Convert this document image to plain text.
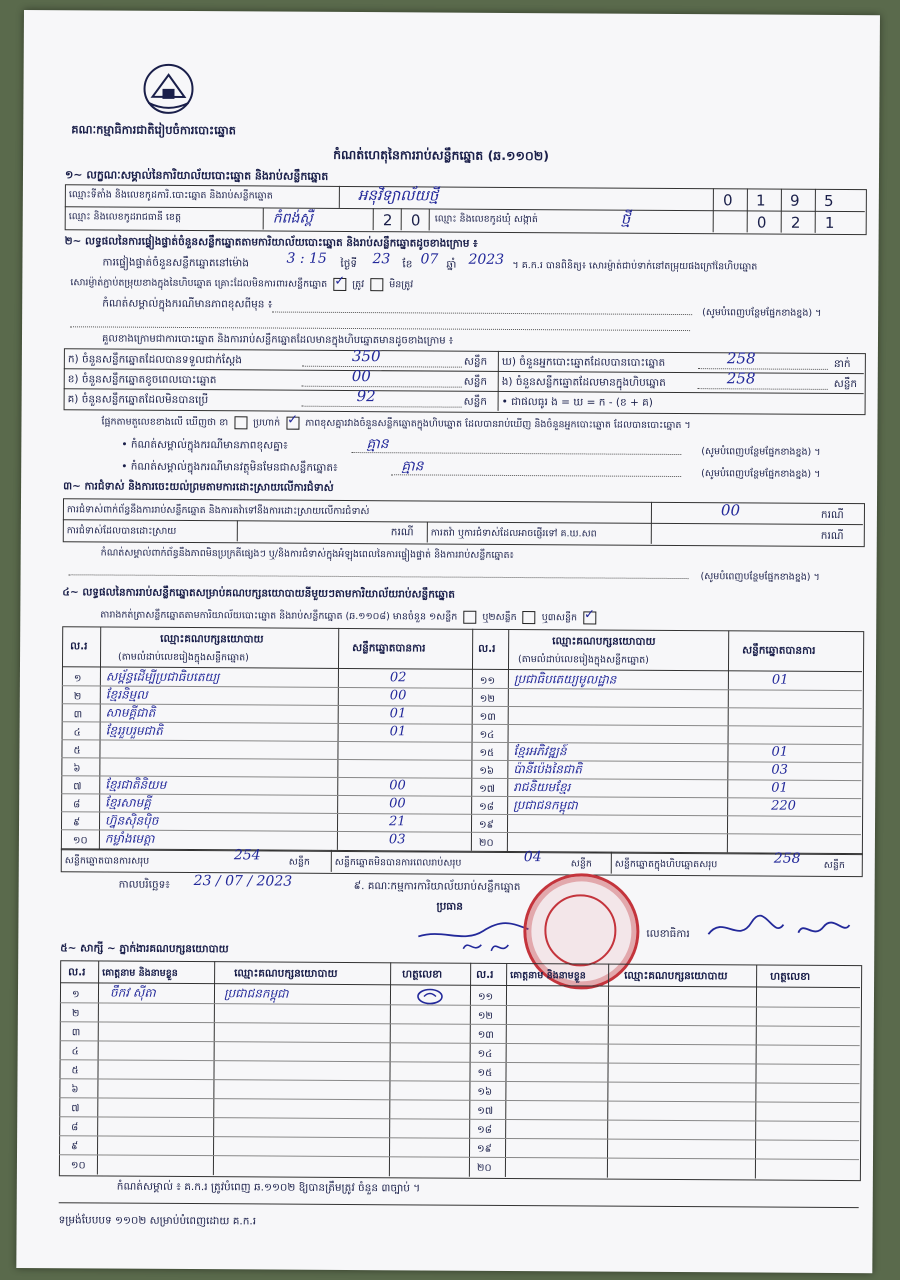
គណៈកម្មាធិការជាតិរៀបចំការបោះឆ្នោត
កំណត់ហេតុនៃការរាប់សន្លឹកឆ្នោត (ឆ.១១០២)
១~ លក្ខណៈសម្គាល់នៃការិយាល័យបោះឆ្នោត និងរាប់សន្លឹកឆ្នោត
ឈ្មោះទីតាំង និងលេខកូដការិ.បោះឆ្នោត និងរាប់សន្លឹកឆ្នោត	អនុវិទ្យាល័យថ្មី	0	1	9	5
ឈ្មោះ និងលេខកូដរាជធានី ខេត្ត	កំពង់ស្ពឺ	2	0	ឈ្មោះ និងលេខកូដឃុំ សង្កាត់	ថ្មី	0	2	1
២~ លទ្ធផលនៃការផ្ទៀងផ្ទាត់ចំនួនសន្លឹកឆ្នោតតាមការិយាល័យបោះឆ្នោត និងរាប់សន្លឹកឆ្នោតដូចខាងក្រោម ៖
ការផ្ទៀងផ្ទាត់ចំនួនសន្លឹកឆ្នោតនៅម៉ោង	3 : 15 ថ្ងៃទី 23 ខែ 07 ឆ្នាំ 2023 ។ គ.ក.រ បានពិនិត្យ៖ សោរម្ញ៉ាត់ជាប់ទាក់នៅតម្រុយផងក្រៅនៃហិបឆ្នោត
សោរម្ញ៉ាត់ភ្ជាប់តម្រុយខាងក្នុងនៃហិបឆ្នោត គ្រោះដែលមិនការពារសន្លឹកឆ្នោត ✓	ត្រូវ	មិនត្រូវ
កំណត់សម្គាល់ក្នុងករណីមានភាពខុសពីមុន ៖
(សូមបំពេញបន្ថែមផ្នែកខាងខ្នង) ។
គួលខាងក្រោមជាការបោះឆ្នោត និងការរាប់សន្លឹកឆ្នោតដែលមានក្នុងហិបឆ្នោតមានដូចខាងក្រោម ៖
ក) ចំនួនសន្លឹកឆ្នោតដែលបានទទួលជាក់ស្តែង	350	សន្លឹក
ខ) ចំនួនសន្លឹកឆ្នោតខូចពេលបោះឆ្នោត	00	សន្លឹក
គ) ចំនួនសន្លឹកឆ្នោតដែលមិនបានប្រើ	92	សន្លឹក
ឃ) ចំនួនអ្នកបោះឆ្នោតដែលបានបោះឆ្នោត	258	នាក់
ង) ចំនួនសន្លឹកឆ្នោតដែលមានក្នុងហិបឆ្នោត	258	សន្លឹក
• ជាផលធូរ ង = ឃ = ក - (ខ + គ)
ផ្អែកតាមតួលេខខាងលើ ឃើញថា ខា	ប្រហាក់ ✓	ភាពខុសគ្នារវាងចំនួនសន្លឹកឆ្នោតក្នុងហិបឆ្នោត ដែលបានរាប់ឃើញ និងចំនួនអ្នកបោះឆ្នោត ដែលបានបោះឆ្នោត ។
• កំណត់សម្គាល់ក្នុងករណីមានភាពខុសគ្នា៖	គ្មាន	(សូមបំពេញបន្ថែមផ្នែកខាងខ្នង) ។
• កំណត់សម្គាល់ក្នុងករណីមានវត្ថុមិនមែនជាសន្លឹកឆ្នោត៖	គ្មាន	(សូមបំពេញបន្ថែមផ្នែកខាងខ្នង) ។
៣~ ការជំទាស់ និងការចេះយល់ព្រមតាមការដោះស្រាយលើការជំទាស់
ការជំទាស់ពាក់ព័ន្ធនឹងការរាប់សន្លឹកឆ្នោត និងការតវ៉ាទៅនឹងការដោះស្រាយលើការជំទាស់	00	ករណី
ការជំទាស់ដែលបានដោះស្រាយ	ករណី ការតវ៉ា ឬការជំទាស់ដែលអាចផ្ញើរទៅ គ.ឃ.សព	ករណី
កំណត់សម្គាល់ពាក់ព័ន្ធនឹងភាពមិនប្រក្រតីផ្សេងៗ ឬ/និងការជំទាស់ក្នុងអំឡុងពេលនៃការផ្ទៀងផ្ទាត់ និងការរាប់សន្លឹកឆ្នោត៖
(សូមបំពេញបន្ថែមផ្នែកខាងខ្នង) ។
៤~ លទ្ធផលនៃការរាប់សន្លឹកឆ្នោតសម្រាប់គណបក្សនយោបាយនីមួយៗតាមការិយាល័យរាប់សន្លឹកឆ្នោត
តារាងកត់ត្រាសន្លឹកឆ្នោតតាមការិយាល័យបោះឆ្នោត និងរាប់សន្លឹកឆ្នោត (ឆ.១១០៨) មានចំនួន ១សន្លឹក	ឬ២សន្លឹក	ឬ៣សន្លឹក ✓
ល.រ
ឈ្មោះគណបក្សនយោបាយ
(តាមលំដាប់លេខរៀងក្នុងសន្លឹកឆ្នោត)
សន្លឹកឆ្នោតបានការ	ល.រ
ឈ្មោះគណបក្សនយោបាយ
(តាមលំដាប់លេខរៀងក្នុងសន្លឹកឆ្នោត)
សន្លឹកឆ្នោតបានការ
១ សម្ព័ន្ធដើម្បីប្រជាធិបតេយ្យ	02	១១ ប្រជាធិបតេយ្យមូលដ្ឋាន	01
២ ខ្មែរនិម្មល	00	១២
៣ សាមគ្គីជាតិ	01	១៣
៤ ខ្មែររួបរួមជាតិ	01	១៤
៥	១៥ ខ្មែរអភិវឌ្ឍន៍	01
៦	១៦ ប៉ានីប៉េងនៃជាតិ	03
៧ ខ្មែរជាតិនិយម	00	១៧ រាជនិយមខ្មែរ	01
៨ ខ្មែរសាមគ្គី	00	១៨ ប្រជាជនកម្ពុជា	220
៩ ហ្វ៊ុនស៊ិនប៉ិច	21	១៩
១០ កម្លាំងមេត្តា	03	២០
សន្លឹកឆ្នោតបានការសរុប	254	សន្លឹក	សន្លឹកឆ្នោតមិនបានការពេលរាប់សរុប	04	សន្លឹក សន្លឹកឆ្នោតក្នុងហិបឆ្នោតសរុប	258 សន្លឹក
កាលបរិច្ឆេទ៖ 23 / 07 / 2023	៩. គណៈកម្មការការិយាល័យរាប់សន្លឹកឆ្នោត
ប្រធាន
លេខាធិការ
៥~ សាក្សី ~ ភ្នាក់ងារគណបក្សនយោបាយ
ល.រ គោត្តនាម និងនាមខ្លួន	ឈ្មោះគណបក្សនយោបាយ	ហត្ថលេខា	ល.រ គោត្តនាម និងនាមខ្លួន	ឈ្មោះគណបក្សនយោបាយ	ហត្ថលេខា
១	ចឹកវ សុីតា	ប្រជាជនកម្ពុជា	១១
២	១២
៣	១៣
៤	១៤
៥	១៥
៦	១៦
៧	១៧
៨	១៨
៩	១៩
១០	២០
កំណត់សម្គាល់ ៖ គ.ក.រ ត្រូវបំពេញ ឆ.១១០២ ឱ្យបានត្រឹមត្រូវ ចំនួន ៣ច្បាប់ ។
ទម្រង់បែបបទ ១១០២ សម្រាប់បំពេញដោយ គ.ក.រ
